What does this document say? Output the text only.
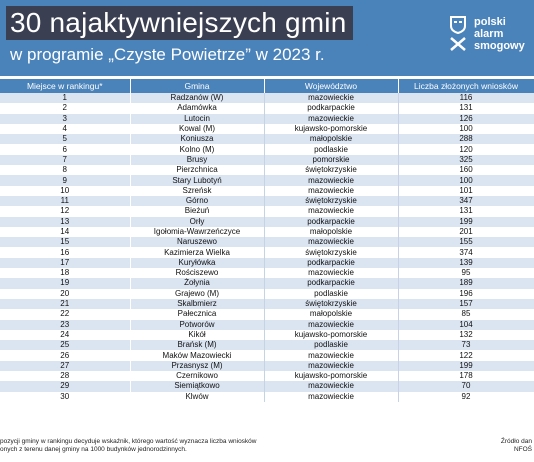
30 najaktywniejszych gmin
w programie „Czyste Powietrze” w 2023 r.
polski
alarm
smogowy
Miejsce w rankingu*	Gmina	Województwo	Liczba złożonych wniosków
1	Radzanów (W)	mazowieckie	116
2	Adamówka	podkarpackie	131
3	Lutocin	mazowieckie	126
4	Kowal (M)	kujawsko-pomorskie	100
5	Koniusza	małopolskie	288
6	Kolno (M)	podlaskie	120
7	Brusy	pomorskie	325
8	Pierzchnica	świętokrzyskie	160
9	Stary Lubotyń	mazowieckie	100
10	Szreńsk	mazowieckie	101
11	Górno	świętokrzyskie	347
12	Bieżuń	mazowieckie	131
13	Orły	podkarpackie	199
14	Igołomia-Wawrzeńczyce	małopolskie	201
15	Naruszewo	mazowieckie	155
16	Kazimierza Wielka	świętokrzyskie	374
17	Kuryłówka	podkarpackie	139
18	Rościszewo	mazowieckie	95
19	Żołynia	podkarpackie	189
20	Grajewo (M)	podlaskie	196
21	Skalbmierz	świętokrzyskie	157
22	Pałecznica	małopolskie	85
23	Potworów	mazowieckie	104
24	Kikół	kujawsko-pomorskie	132
25	Brańsk (M)	podlaskie	73
26	Maków Mazowiecki	mazowieckie	122
27	Przasnysz (M)	mazowieckie	199
28	Czernikowo	kujawsko-pomorskie	178
29	Siemiątkowo	mazowieckie	70
30	Klwów	mazowieckie	92
pozycji gminy w rankingu decyduje wskaźnik, którego wartość wyznacza liczba wniosków
onych z terenu danej gminy na 1000 budynków jednorodzinnych.
Źródło dan
NFOŚ
